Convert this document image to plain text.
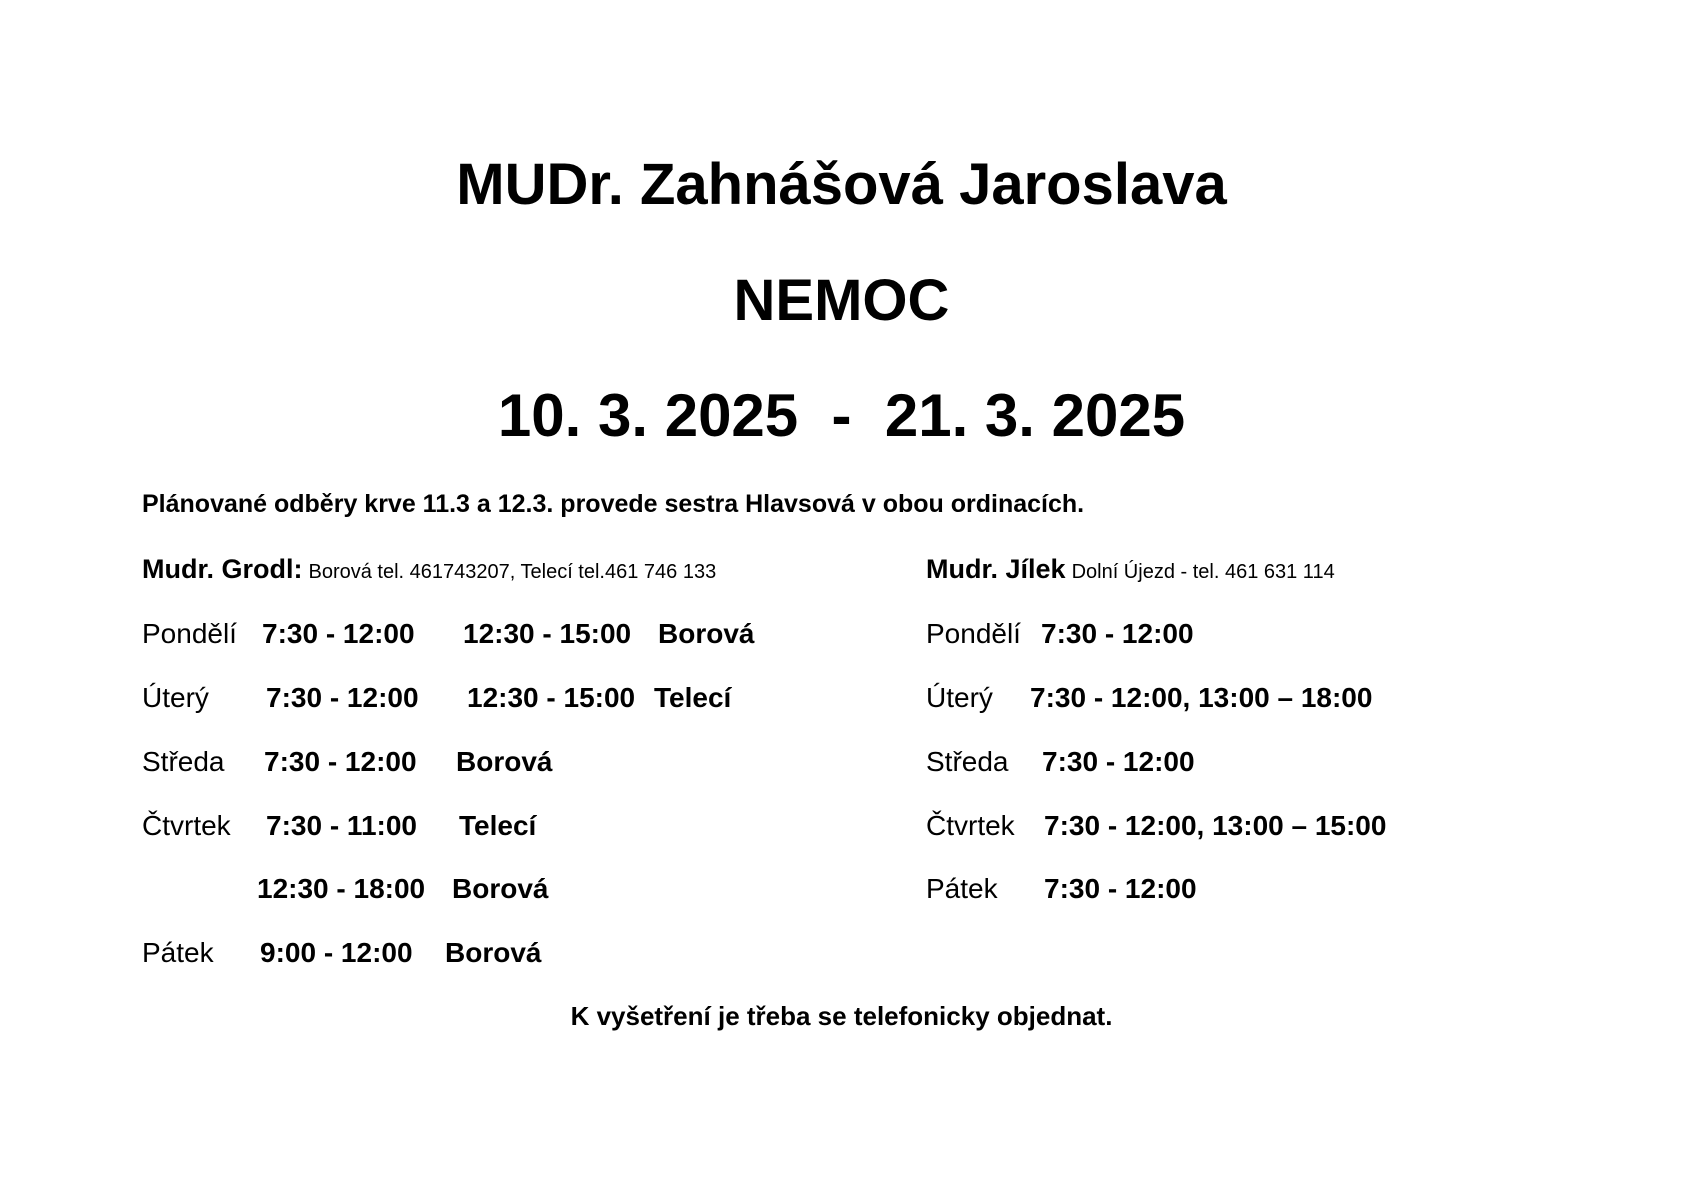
MUDr. Zahnášová Jaroslava
NEMOC
10. 3. 2025  -  21. 3. 2025
Plánované odběry krve 11.3 a 12.3. provede sestra Hlavsová v obou ordinacích.
Mudr. Grodl: Borová tel. 461743207, Telecí tel.461 746 133
Pondělí 7:30 - 12:00 12:30 - 15:00 Borová
Úterý 7:30 - 12:00 12:30 - 15:00 Telecí
Středa 7:30 - 12:00 Borová
Čtvrtek 7:30 - 11:00 Telecí
12:30 - 18:00 Borová
Pátek 9:00 - 12:00 Borová
Mudr. Jílek Dolní Újezd - tel. 461 631 114
Pondělí 7:30 - 12:00
Úterý 7:30 - 12:00, 13:00 – 18:00
Středa 7:30 - 12:00
Čtvrtek 7:30 - 12:00, 13:00 – 15:00
Pátek 7:30 - 12:00
K vyšetření je třeba se telefonicky objednat.
